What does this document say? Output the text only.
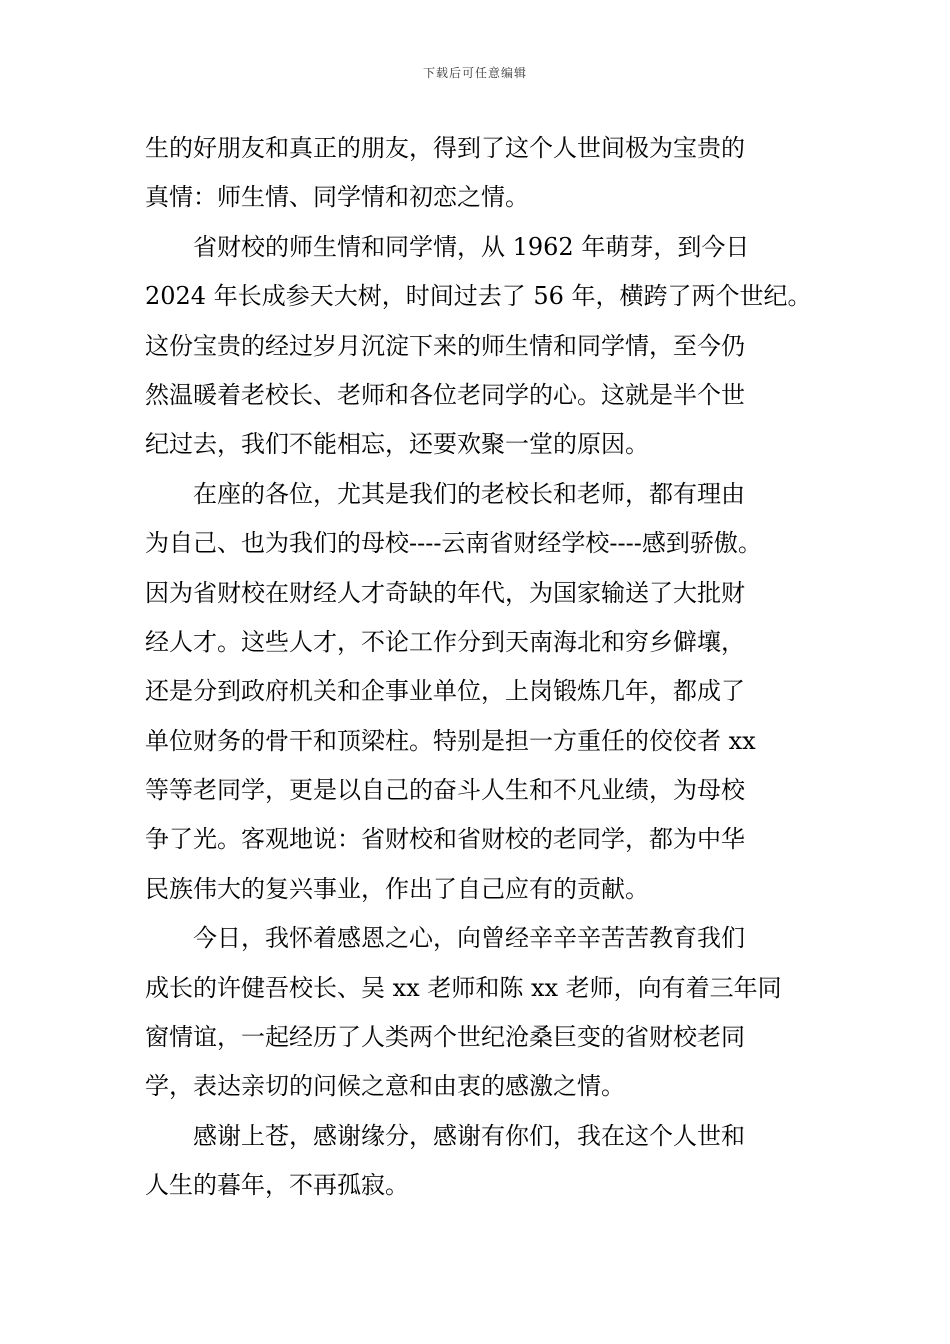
下载后可任意编辑
生的好朋友和真正的朋友，得到了这个人世间极为宝贵的
真情：师生情、同学情和初恋之情。
省财校的师生情和同学情，从 1962 年萌芽，到今日
2024 年长成参天大树，时间过去了 56 年，横跨了两个世纪。
这份宝贵的经过岁月沉淀下来的师生情和同学情，至今仍
然温暖着老校长、老师和各位老同学的心。这就是半个世
纪过去，我们不能相忘，还要欢聚一堂的原因。
在座的各位，尤其是我们的老校长和老师，都有理由
为自己、也为我们的母校----云南省财经学校----感到骄傲。
因为省财校在财经人才奇缺的年代，为国家输送了大批财
经人才。这些人才，不论工作分到天南海北和穷乡僻壤，
还是分到政府机关和企事业单位，上岗锻炼几年，都成了
单位财务的骨干和顶梁柱。特别是担一方重任的佼佼者 xx
等等老同学，更是以自己的奋斗人生和不凡业绩，为母校
争了光。客观地说：省财校和省财校的老同学，都为中华
民族伟大的复兴事业，作出了自己应有的贡献。
今日，我怀着感恩之心，向曾经辛辛辛苦苦教育我们
成长的许健吾校长、吴 xx 老师和陈 xx 老师，向有着三年同
窗情谊，一起经历了人类两个世纪沧桑巨变的省财校老同
学，表达亲切的问候之意和由衷的感激之情。
感谢上苍，感谢缘分，感谢有你们，我在这个人世和
人生的暮年，不再孤寂。
